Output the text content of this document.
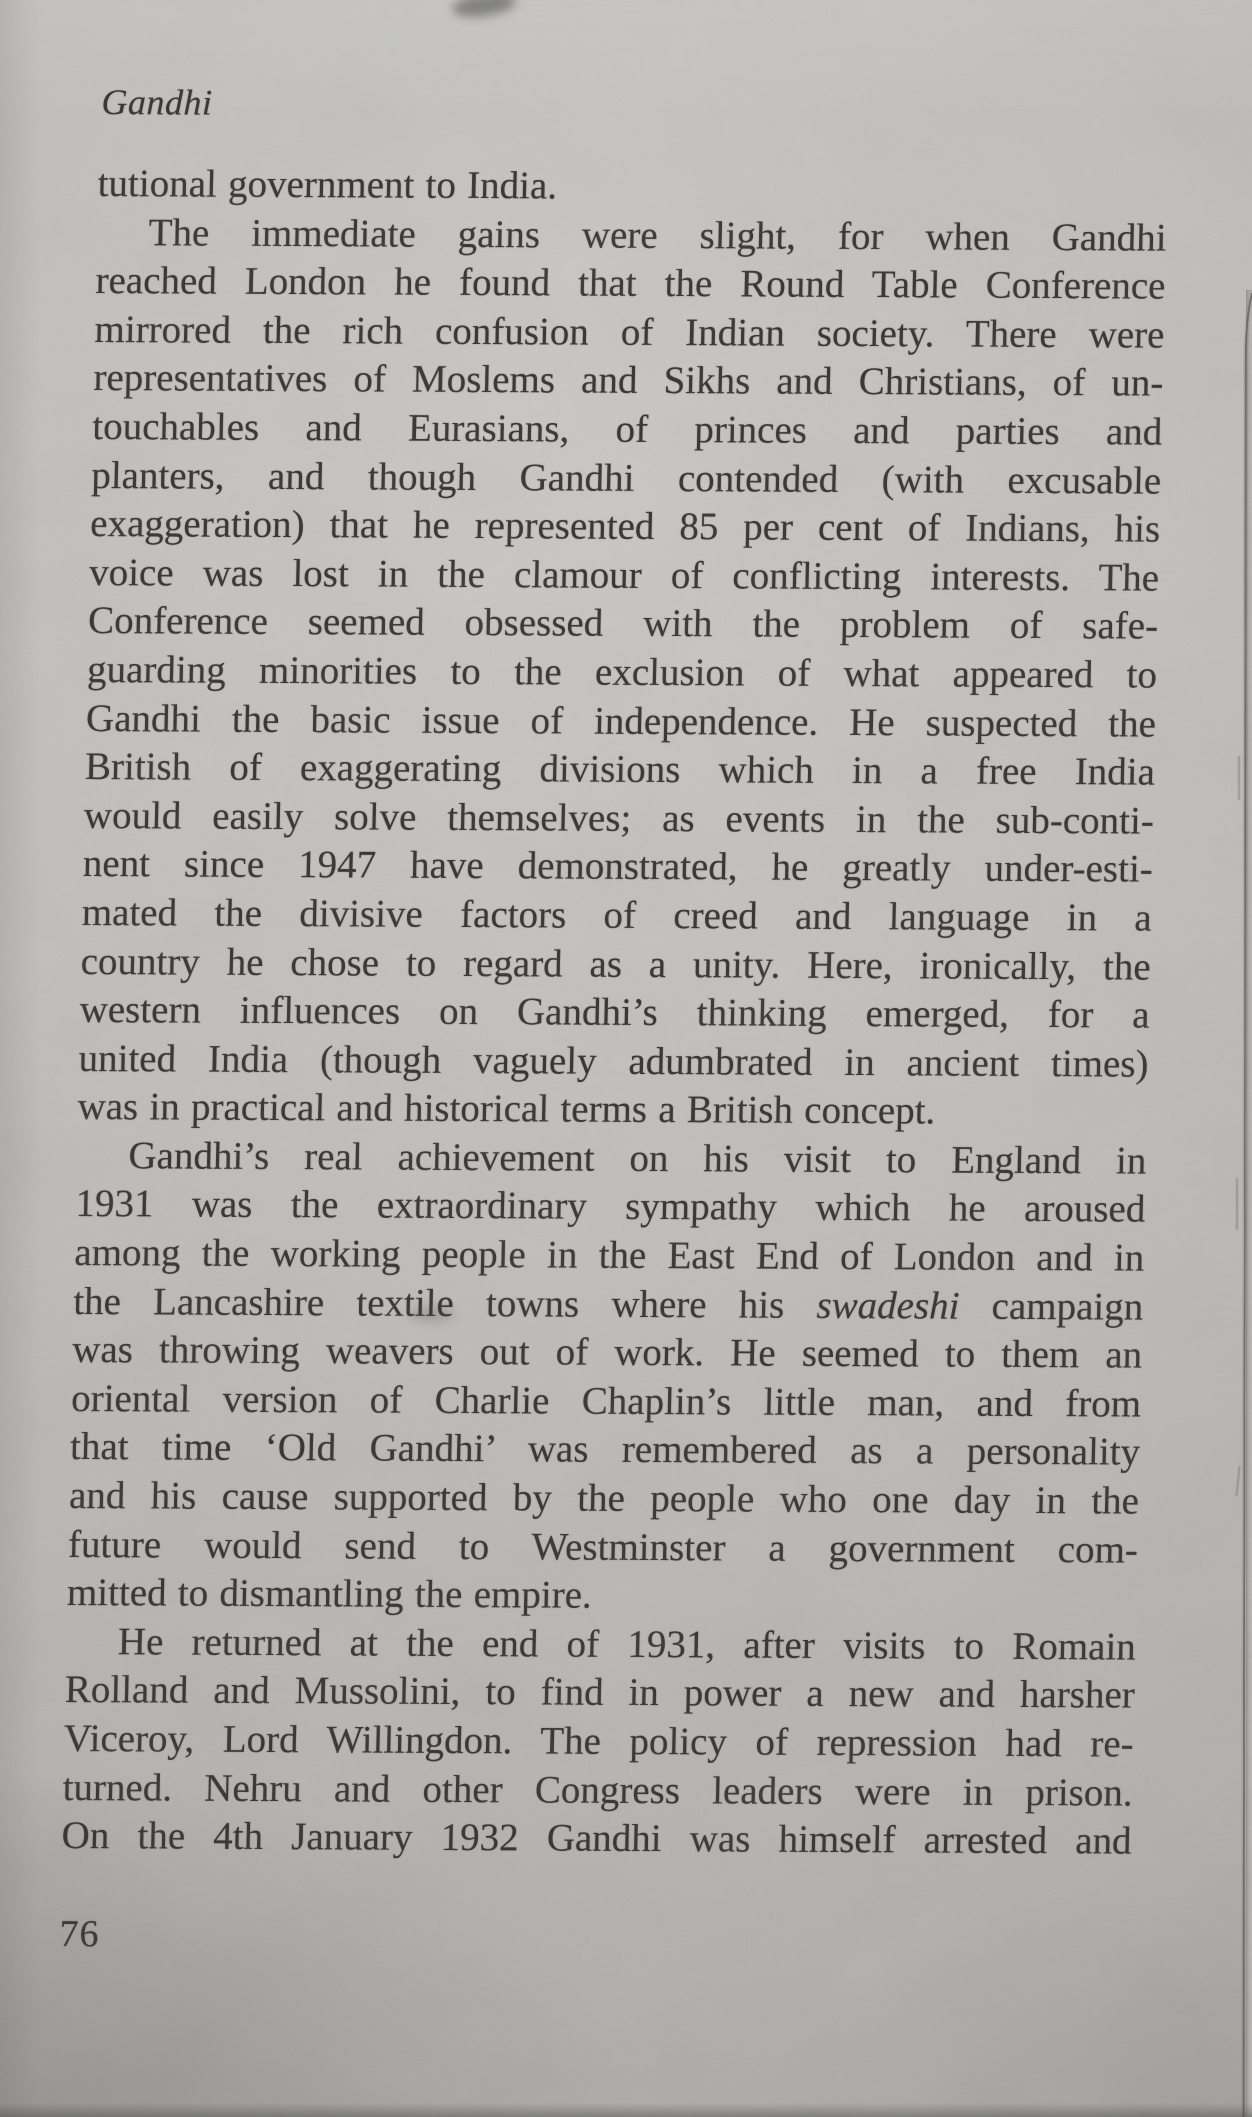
Gandhi
tutional government to India.
The immediate gains were slight, for when Gandhi
reached London he found that the Round Table Conference
mirrored the rich confusion of Indian society. There were
representatives of Moslems and Sikhs and Christians, of un-
touchables and Eurasians, of princes and parties and
planters, and though Gandhi contended (with excusable
exaggeration) that he represented 85 per cent of Indians, his
voice was lost in the clamour of conflicting interests. The
Conference seemed obsessed with the problem of safe-
guarding minorities to the exclusion of what appeared to
Gandhi the basic issue of independence. He suspected the
British of exaggerating divisions which in a free India
would easily solve themselves; as events in the sub-conti-
nent since 1947 have demonstrated, he greatly under-esti-
mated the divisive factors of creed and language in a
country he chose to regard as a unity. Here, ironically, the
western influences on Gandhi’s thinking emerged, for a
united India (though vaguely adumbrated in ancient times)
was in practical and historical terms a British concept.
Gandhi’s real achievement on his visit to England in
1931 was the extraordinary sympathy which he aroused
among the working people in the East End of London and in
the Lancashire textile towns where his swadeshi campaign
was throwing weavers out of work. He seemed to them an
oriental version of Charlie Chaplin’s little man, and from
that time ‘Old Gandhi’ was remembered as a personality
and his cause supported by the people who one day in the
future would send to Westminster a government com-
mitted to dismantling the empire.
He returned at the end of 1931, after visits to Romain
Rolland and Mussolini, to find in power a new and harsher
Viceroy, Lord Willingdon. The policy of repression had re-
turned. Nehru and other Congress leaders were in prison.
On the 4th January 1932 Gandhi was himself arrested and
76
